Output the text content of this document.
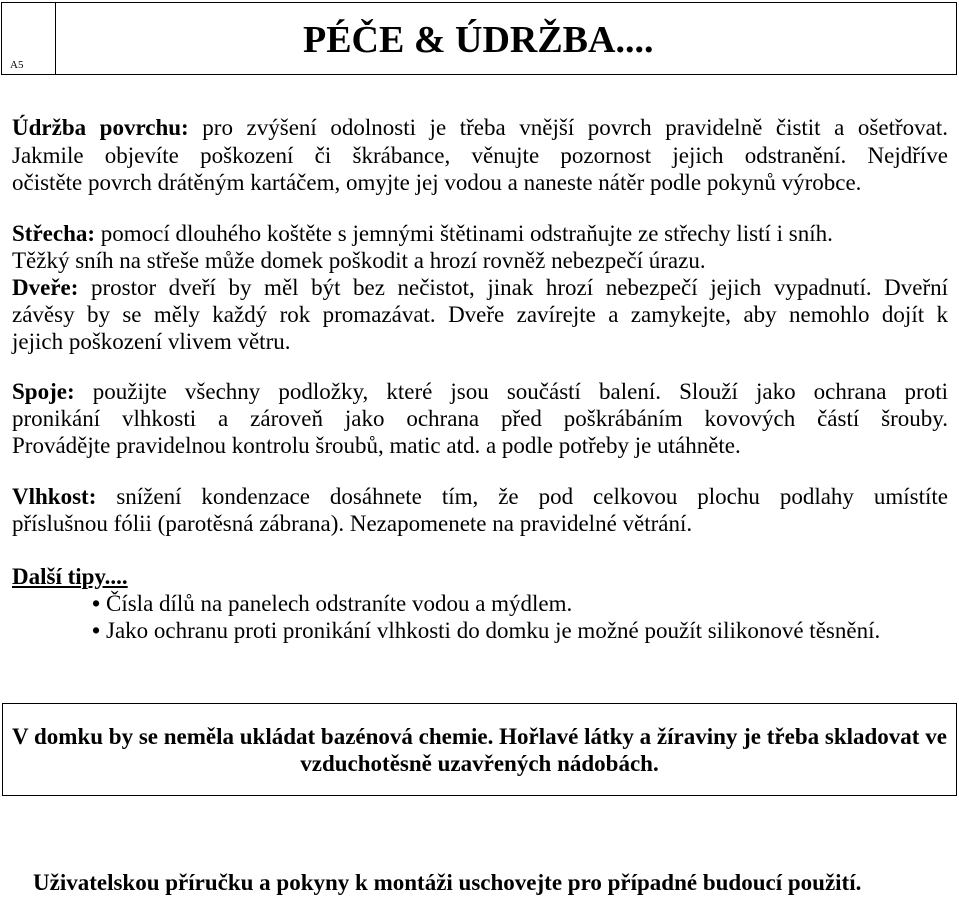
A5
PÉČE & ÚDRŽBA....
Údržba povrchu: pro zvýšení odolnosti je třeba vnější povrch pravidelně čistit a ošetřovat.
Jakmile objevíte poškození či škrábance, věnujte pozornost jejich odstranění. Nejdříve
očistěte povrch drátěným kartáčem, omyjte jej vodou a naneste nátěr podle pokynů výrobce.
Střecha: pomocí dlouhého koštěte s jemnými štětinami odstraňujte ze střechy listí i sníh.
Těžký sníh na střeše může domek poškodit a hrozí rovněž nebezpečí úrazu.
Dveře: prostor dveří by měl být bez nečistot, jinak hrozí nebezpečí jejich vypadnutí. Dveřní
závěsy by se měly každý rok promazávat. Dveře zavírejte a zamykejte, aby nemohlo dojít k
jejich poškození vlivem větru.
Spoje: použijte všechny podložky, které jsou součástí balení. Slouží jako ochrana proti
pronikání vlhkosti a zároveň jako ochrana před poškrábáním kovových částí šrouby.
Provádějte pravidelnou kontrolu šroubů, matic atd. a podle potřeby je utáhněte.
Vlhkost: snížení kondenzace dosáhnete tím, že pod celkovou plochu podlahy umístíte
příslušnou fólii (parotěsná zábrana). Nezapomenete na pravidelné větrání.
Další tipy....
• Čísla dílů na panelech odstraníte vodou a mýdlem.
• Jako ochranu proti pronikání vlhkosti do domku je možné použít silikonové těsnění.
V domku by se neměla ukládat bazénová chemie. Hořlavé látky a žíraviny je třeba skladovat ve
vzduchotěsně uzavřených nádobách.
Uživatelskou příručku a pokyny k montáži uschovejte pro případné budoucí použití.
